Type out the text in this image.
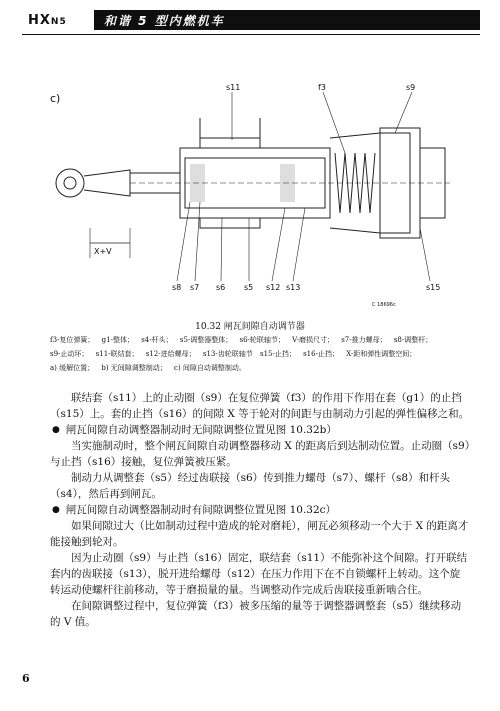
HXN5	和谐 5 型内燃机车
c)
X+V
s11	f3	s9
s8 s7 s6 s5 s12 s13	s15
C 18696c
10.32 闸瓦间隙自动调节器
f3-复位弹簧； g1-整体； s4-杆头； s5-调整器整体； s6-轮联轴节； V-磨损尺寸； s7-推力螺母； s8-调整杆；
s9-止动环； s11-联结套； s12-进给螺母； s13-齿轮联轴节 s15-止挡； s16-止挡； X-距和弹性调整空间；
a) 缓解位置； b) 无间隙调整制动； c) 间隙自动调整制动。

联结套（s11）上的止动圈（s9）在复位弹簧（f3）的作用下作用在套（g1）的止挡（s15）上。套的止挡（s16）的间隙 X 等于轮对的间距与由制动力引起的弹性偏移之和。

● 闸瓦间隙自动调整器制动时无间隙调整位置见图 10.32b）

当实施制动时，整个闸瓦间隙自动调整器移动 X 的距离后到达制动位置。止动圈（s9）与止挡（s16）接触，复位弹簧被压紧。

制动力从调整套（s5）经过齿联接（s6）传到推力螺母（s7）、螺杆（s8）和杆头（s4），然后再到闸瓦。

● 闸瓦间隙自动调整器制动时有间隙调整位置见图 10.32c）

如果间隙过大（比如制动过程中造成的轮对磨耗），闸瓦必须移动一个大于 X 的距离才能接触到轮对。

因为止动圈（s9）与止挡（s16）固定，联结套（s11）不能弥补这个间隙。打开联结套内的齿联接（s13），脱开进给螺母（s12）在压力作用下在不自锁螺杆上转动。这个旋转运动使螺杆往前移动，等于磨损量的量。当调整动作完成后齿联接重新啮合住。

在间隙调整过程中，复位弹簧（f3）被多压缩的量等于调整器调整套（s5）继续移动的 V 值。

6
